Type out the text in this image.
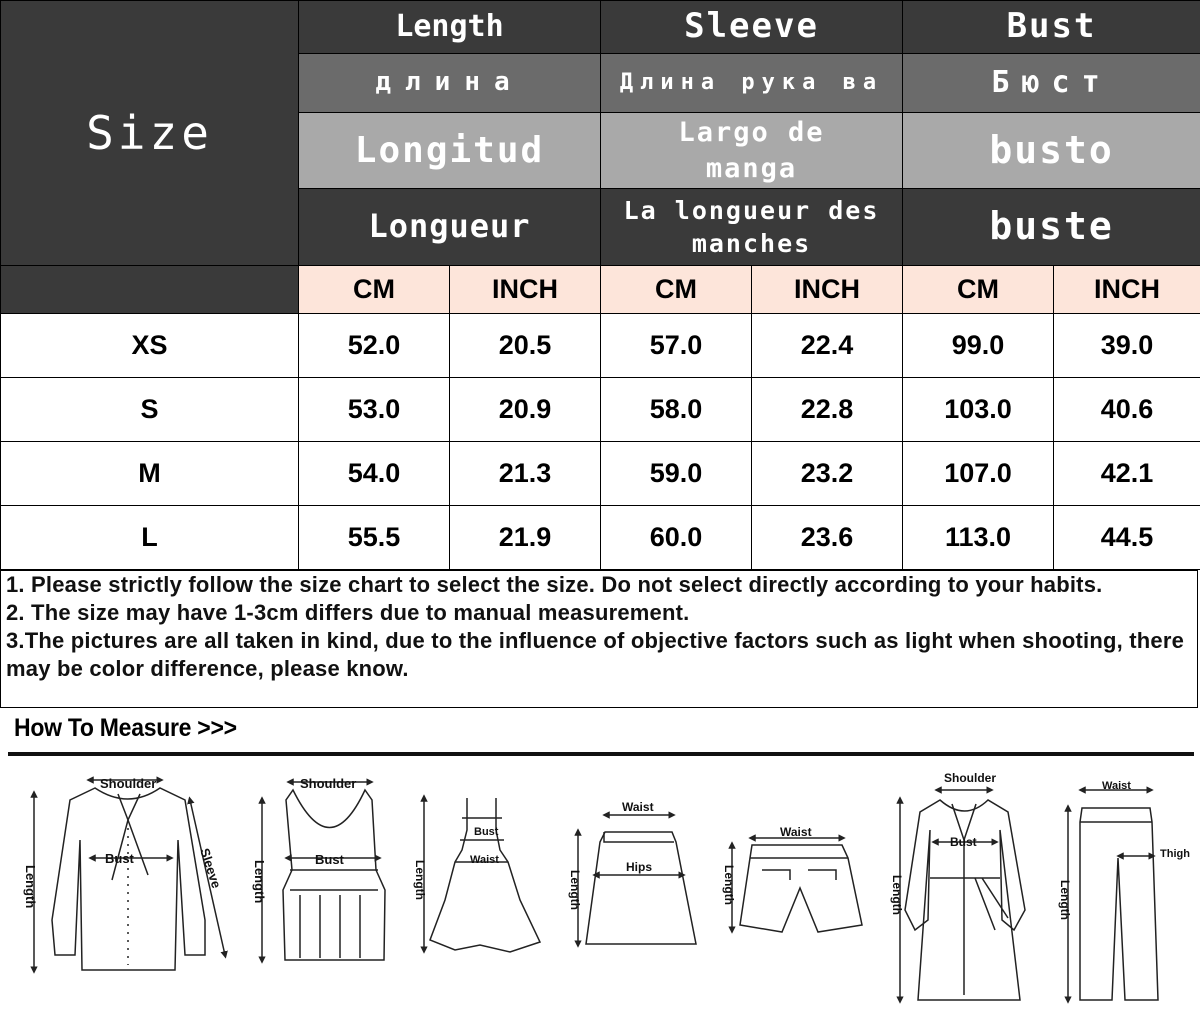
Size	Length		Sleeve		Bust	
	длина		Длина рука ва		Бюст	
	Longitud		Largo de manga		busto	
	Longueur		La longueur des manches		buste	
	CM	INCH	CM	INCH	CM	INCH
XS	52.0	20.5	57.0	22.4	99.0	39.0
S	53.0	20.9	58.0	22.8	103.0	40.6
M	54.0	21.3	59.0	23.2	107.0	42.1
L	55.5	21.9	60.0	23.6	113.0	44.5

1. Please strictly follow the size chart to select the size. Do not select directly according to your habits.

2. The size may have 1-3cm differs due to manual measurement.

3.The pictures are all taken in kind, due to the influence of objective factors such as light when shooting, there may be color difference, please know.

How To Measure >>>
Shoulder
Bust
Length	Sleeve
Shoulder
Bust
Length
Bust
Waist
Length
Waist
Hips
Length
Waist
Length
Shoulder
Bust
Length
Waist
Thigh
Length
